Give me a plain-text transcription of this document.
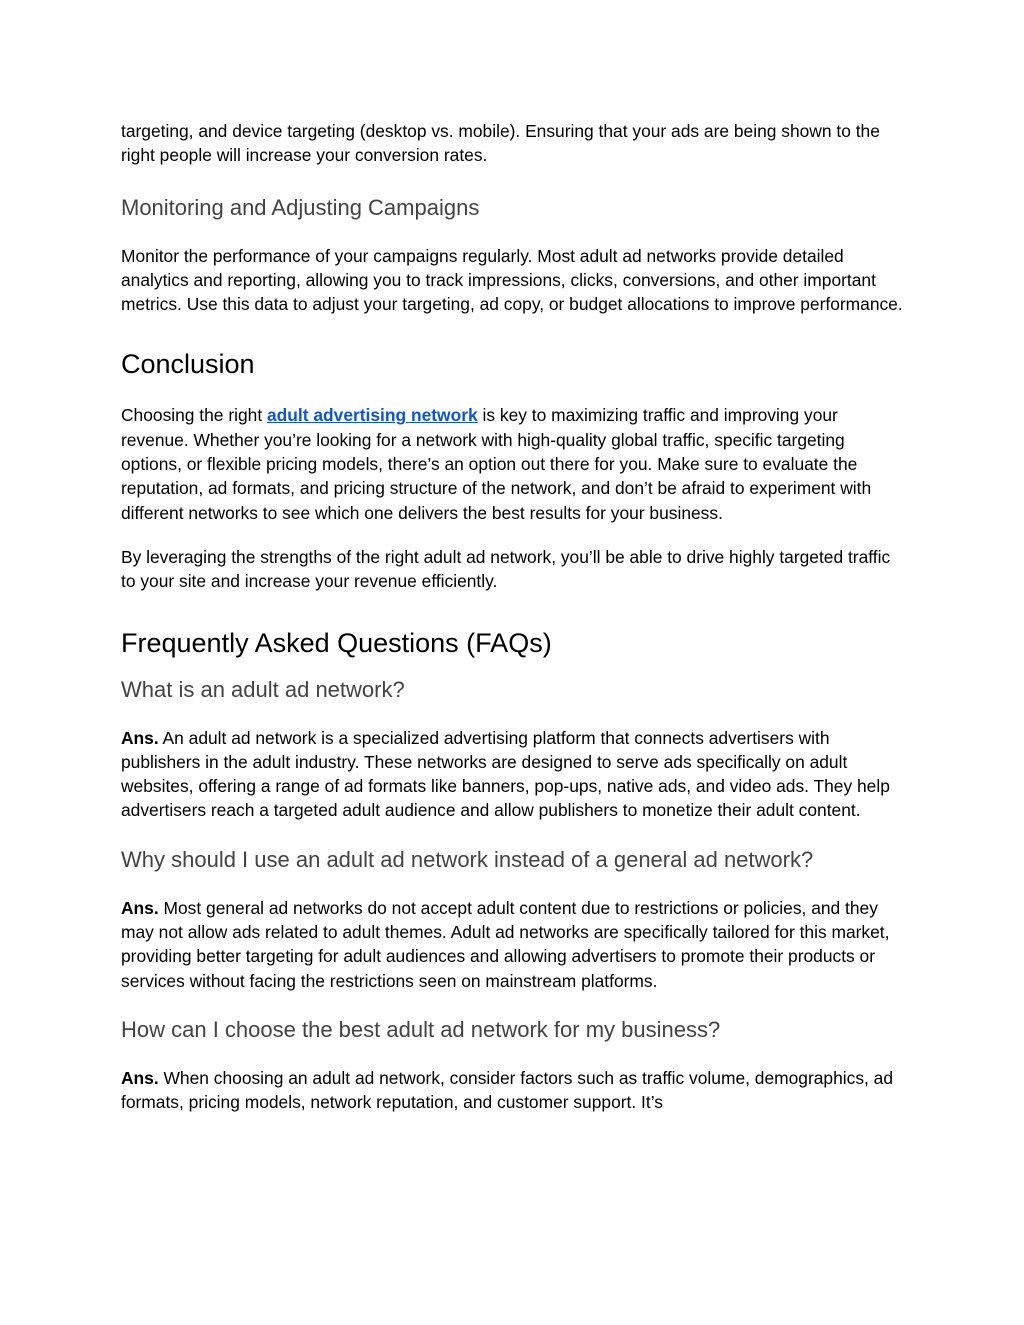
targeting, and device targeting (desktop vs. mobile). Ensuring that your ads are being shown to the right people will increase your conversion rates.

Monitoring and Adjusting Campaigns

Monitor the performance of your campaigns regularly. Most adult ad networks provide detailed analytics and reporting, allowing you to track impressions, clicks, conversions, and other important metrics. Use this data to adjust your targeting, ad copy, or budget allocations to improve performance.

Conclusion

Choosing the right adult advertising network is key to maximizing traffic and improving your revenue. Whether you’re looking for a network with high-quality global traffic, specific targeting options, or flexible pricing models, there’s an option out there for you. Make sure to evaluate the reputation, ad formats, and pricing structure of the network, and don’t be afraid to experiment with different networks to see which one delivers the best results for your business.

By leveraging the strengths of the right adult ad network, you’ll be able to drive highly targeted traffic to your site and increase your revenue efficiently.

Frequently Asked Questions (FAQs)
What is an adult ad network?

Ans. An adult ad network is a specialized advertising platform that connects advertisers with publishers in the adult industry. These networks are designed to serve ads specifically on adult websites, offering a range of ad formats like banners, pop-ups, native ads, and video ads. They help advertisers reach a targeted adult audience and allow publishers to monetize their adult content.

Why should I use an adult ad network instead of a general ad network?

Ans. Most general ad networks do not accept adult content due to restrictions or policies, and they may not allow ads related to adult themes. Adult ad networks are specifically tailored for this market, providing better targeting for adult audiences and allowing advertisers to promote their products or services without facing the restrictions seen on mainstream platforms.

How can I choose the best adult ad network for my business?

Ans. When choosing an adult ad network, consider factors such as traffic volume, demographics, ad formats, pricing models, network reputation, and customer support. It’s
